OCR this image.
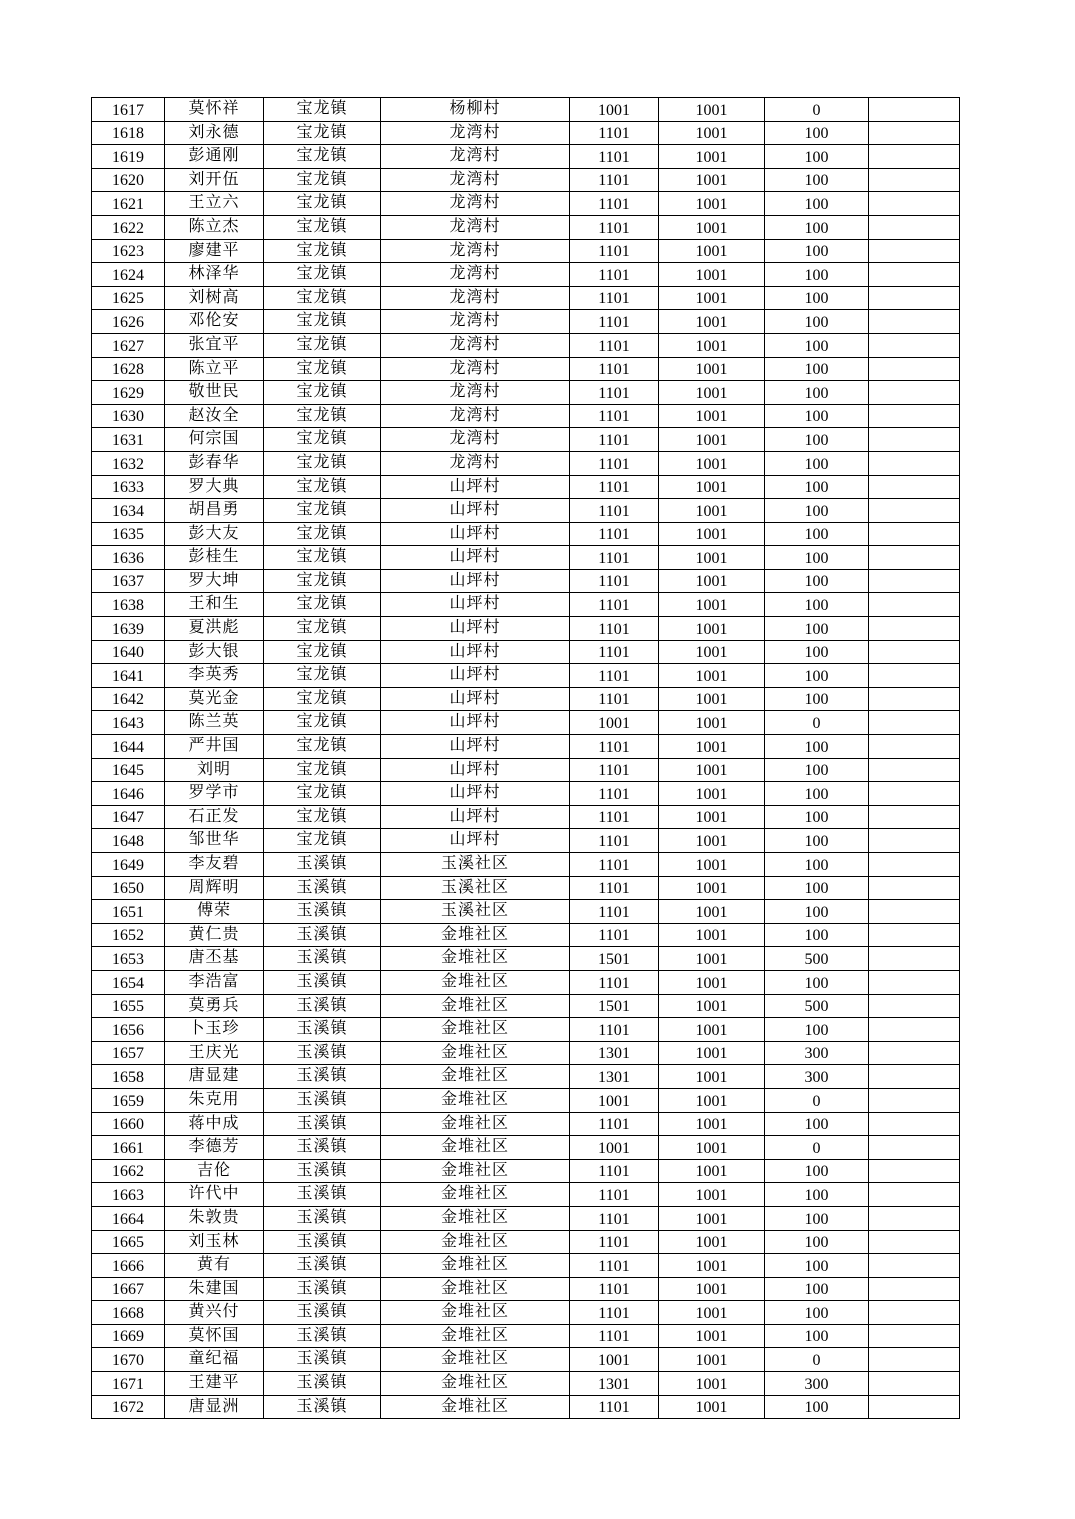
1617	莫怀祥	宝龙镇	杨柳村	1001	1001	0	
1618	刘永德	宝龙镇	龙湾村	1101	1001	100	
1619	彭通刚	宝龙镇	龙湾村	1101	1001	100	
1620	刘开伍	宝龙镇	龙湾村	1101	1001	100	
1621	王立六	宝龙镇	龙湾村	1101	1001	100	
1622	陈立杰	宝龙镇	龙湾村	1101	1001	100	
1623	廖建平	宝龙镇	龙湾村	1101	1001	100	
1624	林泽华	宝龙镇	龙湾村	1101	1001	100	
1625	刘树高	宝龙镇	龙湾村	1101	1001	100	
1626	邓伦安	宝龙镇	龙湾村	1101	1001	100	
1627	张宜平	宝龙镇	龙湾村	1101	1001	100	
1628	陈立平	宝龙镇	龙湾村	1101	1001	100	
1629	敬世民	宝龙镇	龙湾村	1101	1001	100	
1630	赵汝全	宝龙镇	龙湾村	1101	1001	100	
1631	何宗国	宝龙镇	龙湾村	1101	1001	100	
1632	彭春华	宝龙镇	龙湾村	1101	1001	100	
1633	罗大典	宝龙镇	山坪村	1101	1001	100	
1634	胡昌勇	宝龙镇	山坪村	1101	1001	100	
1635	彭大友	宝龙镇	山坪村	1101	1001	100	
1636	彭桂生	宝龙镇	山坪村	1101	1001	100	
1637	罗大坤	宝龙镇	山坪村	1101	1001	100	
1638	王和生	宝龙镇	山坪村	1101	1001	100	
1639	夏洪彪	宝龙镇	山坪村	1101	1001	100	
1640	彭大银	宝龙镇	山坪村	1101	1001	100	
1641	李英秀	宝龙镇	山坪村	1101	1001	100	
1642	莫光金	宝龙镇	山坪村	1101	1001	100	
1643	陈兰英	宝龙镇	山坪村	1001	1001	0	
1644	严井国	宝龙镇	山坪村	1101	1001	100	
1645	刘明	宝龙镇	山坪村	1101	1001	100	
1646	罗学市	宝龙镇	山坪村	1101	1001	100	
1647	石正发	宝龙镇	山坪村	1101	1001	100	
1648	邹世华	宝龙镇	山坪村	1101	1001	100	
1649	李友碧	玉溪镇	玉溪社区	1101	1001	100	
1650	周辉明	玉溪镇	玉溪社区	1101	1001	100	
1651	傅荣	玉溪镇	玉溪社区	1101	1001	100	
1652	黄仁贵	玉溪镇	金堆社区	1101	1001	100	
1653	唐丕基	玉溪镇	金堆社区	1501	1001	500	
1654	李浩富	玉溪镇	金堆社区	1101	1001	100	
1655	莫勇兵	玉溪镇	金堆社区	1501	1001	500	
1656	卜玉珍	玉溪镇	金堆社区	1101	1001	100	
1657	王庆光	玉溪镇	金堆社区	1301	1001	300	
1658	唐显建	玉溪镇	金堆社区	1301	1001	300	
1659	朱克用	玉溪镇	金堆社区	1001	1001	0	
1660	蒋中成	玉溪镇	金堆社区	1101	1001	100	
1661	李德芳	玉溪镇	金堆社区	1001	1001	0	
1662	吉伦	玉溪镇	金堆社区	1101	1001	100	
1663	许代中	玉溪镇	金堆社区	1101	1001	100	
1664	朱敦贵	玉溪镇	金堆社区	1101	1001	100	
1665	刘玉林	玉溪镇	金堆社区	1101	1001	100	
1666	黄有	玉溪镇	金堆社区	1101	1001	100	
1667	朱建国	玉溪镇	金堆社区	1101	1001	100	
1668	黄兴付	玉溪镇	金堆社区	1101	1001	100	
1669	莫怀国	玉溪镇	金堆社区	1101	1001	100	
1670	童纪福	玉溪镇	金堆社区	1001	1001	0	
1671	王建平	玉溪镇	金堆社区	1301	1001	300	
1672	唐显洲	玉溪镇	金堆社区	1101	1001	100	
